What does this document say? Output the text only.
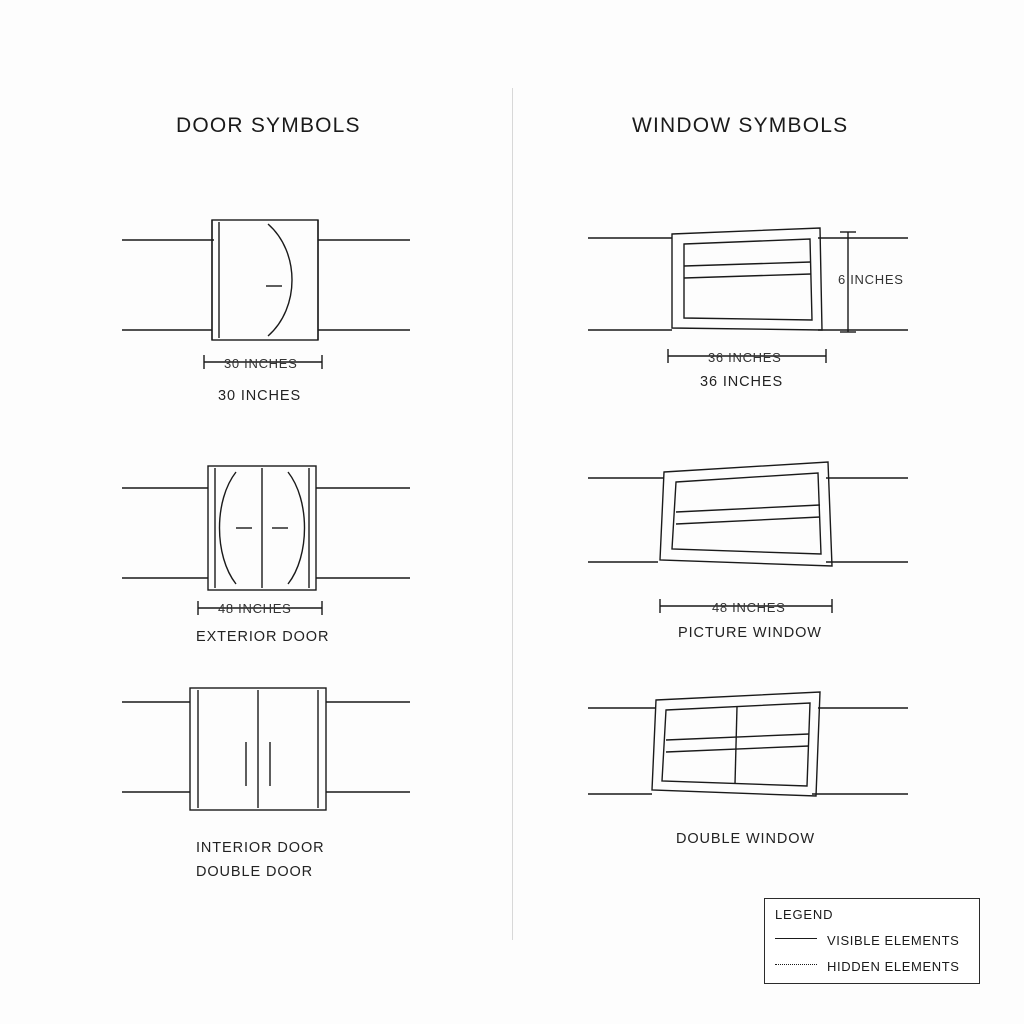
DOOR SYMBOLS	WINDOW SYMBOLS
30 INCHES
30 INCHES
48 INCHES
EXTERIOR DOOR
INTERIOR DOOR
DOUBLE DOOR
36 INCHES
36 INCHES
6 INCHES
48 INCHES
PICTURE WINDOW
DOUBLE WINDOW
LEGEND
VISIBLE ELEMENTS
HIDDEN ELEMENTS
